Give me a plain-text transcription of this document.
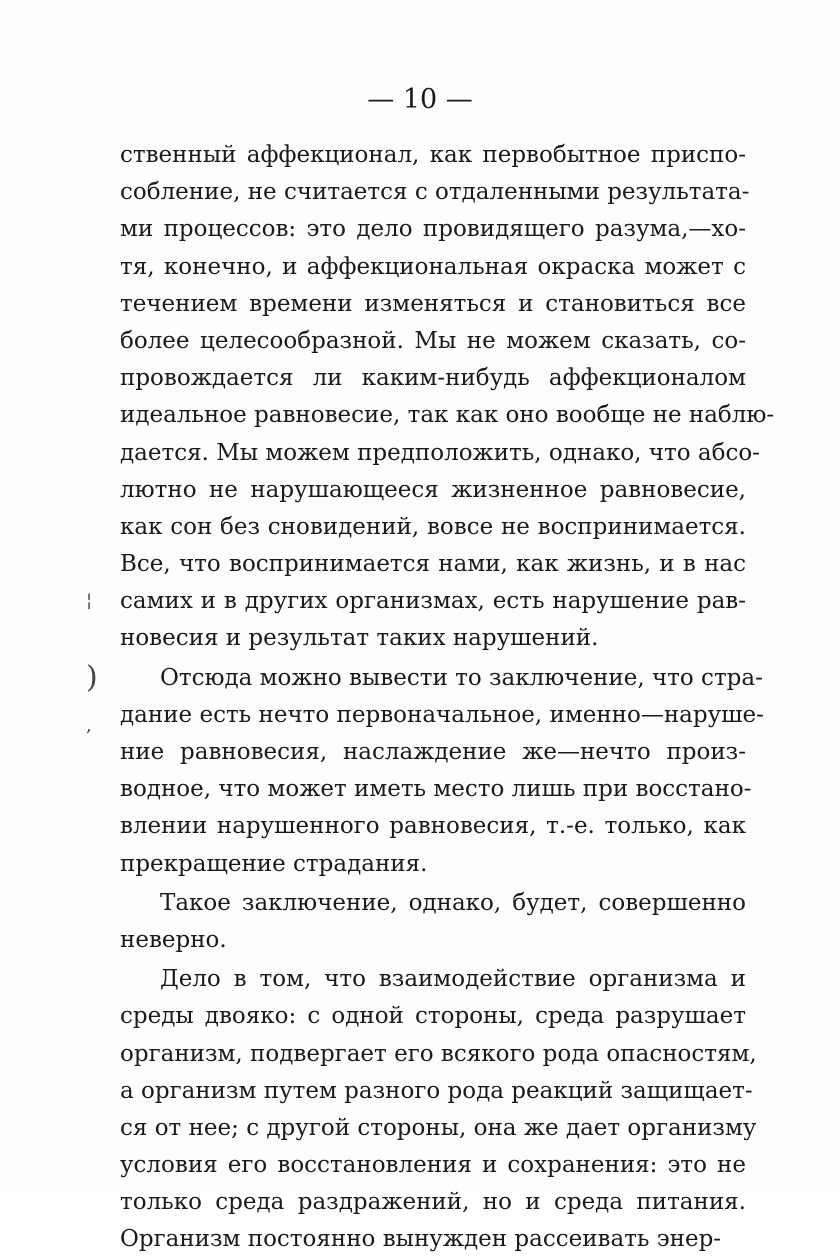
— 10 —
¦
)
,
ственный аффекционал, как первобытное приспо-
собление, не считается с отдаленными результата-
ми процессов: это дело провидящего разума,—хо-
тя, конечно, и аффекциональная окраска может с
течением времени изменяться и становиться все
более целесообразной. Мы не можем сказать, со-
провождается ли каким-нибудь аффекционалом
идеальное равновесие, так как оно вообще не наблю-
дается. Мы можем предположить, однако, что абсо-
лютно не нарушающееся жизненное равновесие,
как сон без сновидений, вовсе не воспринимается.
Все, что воспринимается нами, как жизнь, и в нас
самих и в других организмах, есть нарушение рав-
новесия и результат таких нарушений.
Отсюда можно вывести то заключение, что стра-
дание есть нечто первоначальное, именно—наруше-
ние равновесия, наслаждение же—нечто произ-
водное, что может иметь место лишь при восстано-
влении нарушенного равновесия, т.-е. только, как
прекращение страдания.
Такое заключение, однако, будет, совершенно
неверно.
Дело в том, что взаимодействие организма и
среды двояко: с одной стороны, среда разрушает
организм, подвергает его всякого рода опасностям,
а организм путем разного рода реакций защищает-
ся от нее; с другой стороны, она же дает организму
условия его восстановления и сохранения: это не
только среда раздражений, но и среда питания.
Организм постоянно вынужден рассеивать энер-
